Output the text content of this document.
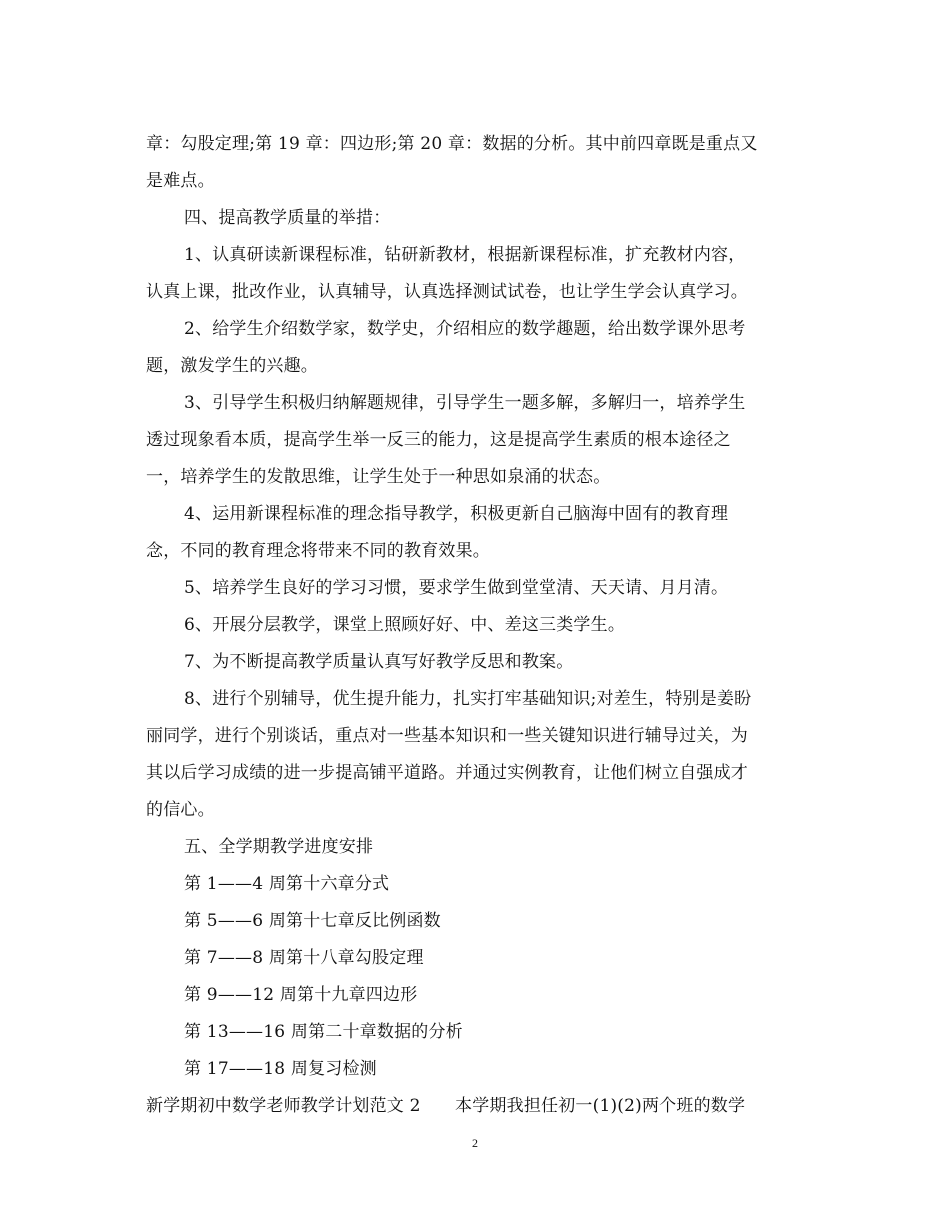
章：勾股定理;第 19 章：四边形;第 20 章：数据的分析。其中前四章既是重点又
是难点。
四、提高教学质量的举措：
1、认真研读新课程标准，钻研新教材，根据新课程标准，扩充教材内容，
认真上课，批改作业，认真辅导，认真选择测试试卷，也让学生学会认真学习。
2、给学生介绍数学家，数学史，介绍相应的数学趣题，给出数学课外思考
题，激发学生的兴趣。
3、引导学生积极归纳解题规律，引导学生一题多解，多解归一，培养学生
透过现象看本质，提高学生举一反三的能力，这是提高学生素质的根本途径之
一，培养学生的发散思维，让学生处于一种思如泉涌的状态。
4、运用新课程标准的理念指导教学，积极更新自己脑海中固有的教育理
念，不同的教育理念将带来不同的教育效果。
5、培养学生良好的学习习惯，要求学生做到堂堂清、天天请、月月清。
6、开展分层教学，课堂上照顾好好、中、差这三类学生。
7、为不断提高教学质量认真写好教学反思和教案。
8、进行个别辅导，优生提升能力，扎实打牢基础知识;对差生，特别是姜盼
丽同学，进行个别谈话，重点对一些基本知识和一些关键知识进行辅导过关，为
其以后学习成绩的进一步提高铺平道路。并通过实例教育，让他们树立自强成才
的信心。
五、全学期教学进度安排
第 1——4 周第十六章分式
第 5——6 周第十七章反比例函数
第 7——8 周第十八章勾股定理
第 9——12 周第十九章四边形
第 13——16 周第二十章数据的分析
第 17——18 周复习检测
新学期初中数学老师教学计划范文 2　　本学期我担任初一(1)(2)两个班的数学
2
